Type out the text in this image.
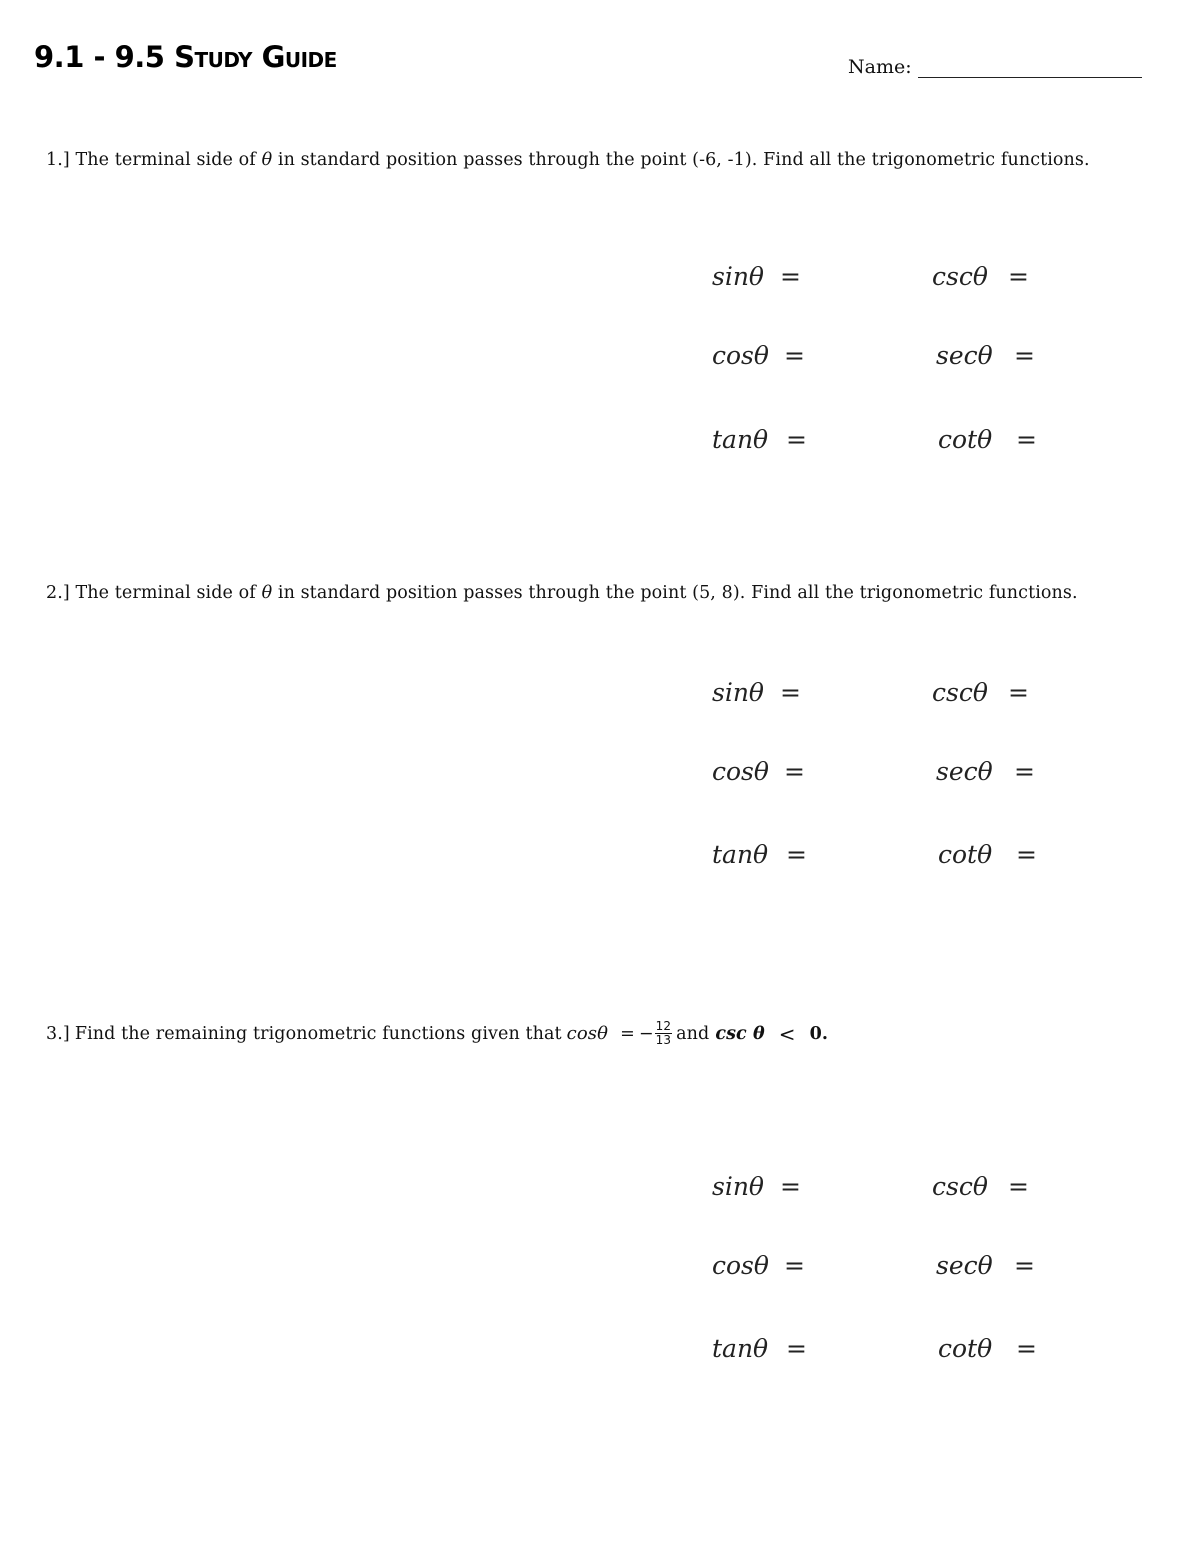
9.1 - 9.5 Study Guide	Name:
1.] The terminal side of θ in standard position passes through the point (-6, -1). Find all the trigonometric functions.
sinθ =	cscθ =
cosθ =	secθ =
tanθ =	cotθ =
2.] The terminal side of θ in standard position passes through the point (5, 8). Find all the trigonometric functions.
sinθ =	cscθ =
cosθ =	secθ =
tanθ =	cotθ =
3.] Find the remaining trigonometric functions given that cosθ = − $\frac{12}{13}$ and csc θ < 0.
sinθ =	cscθ =
cosθ =	secθ =
tanθ =	cotθ =
